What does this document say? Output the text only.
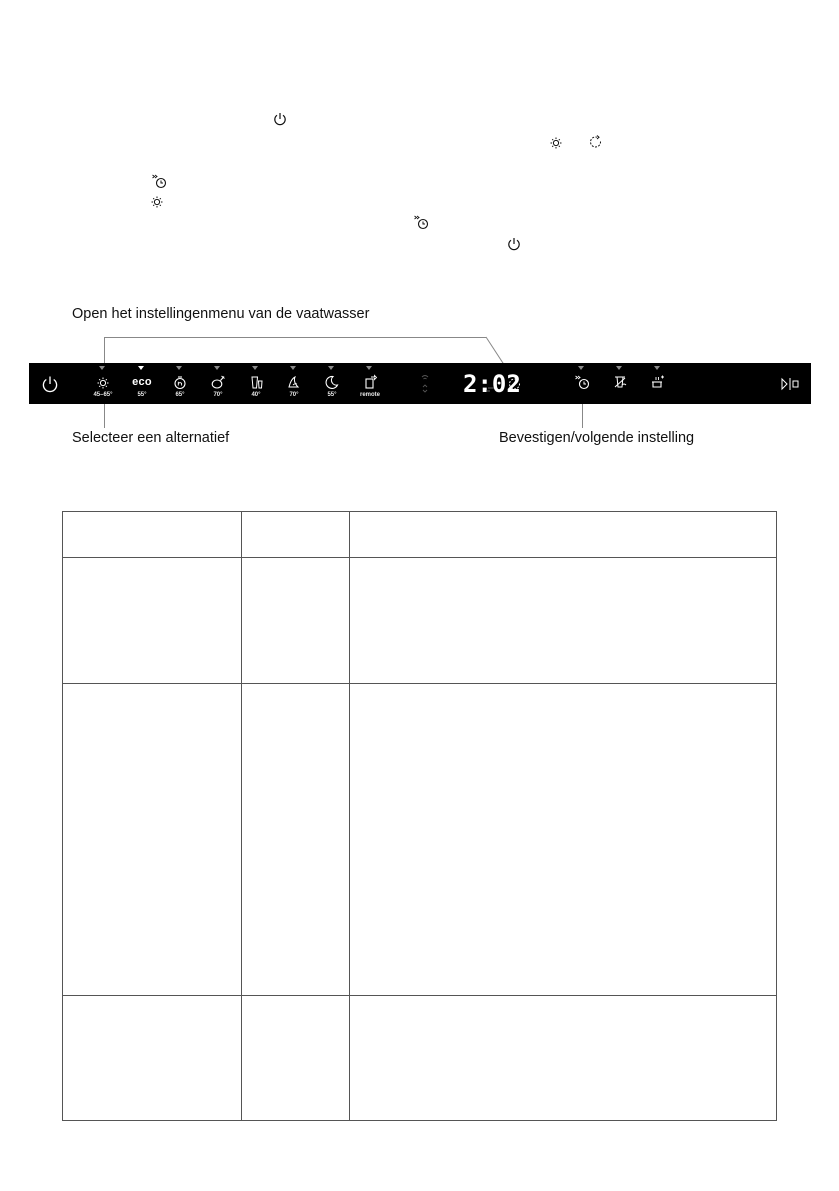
Open het instellingenmenu van de vaatwasser
Selecteer een alternatief	Bevestigen/volgende instelling
45–65°
eco
55°	65°	70°	40°	70°	55°	remote	2:02
